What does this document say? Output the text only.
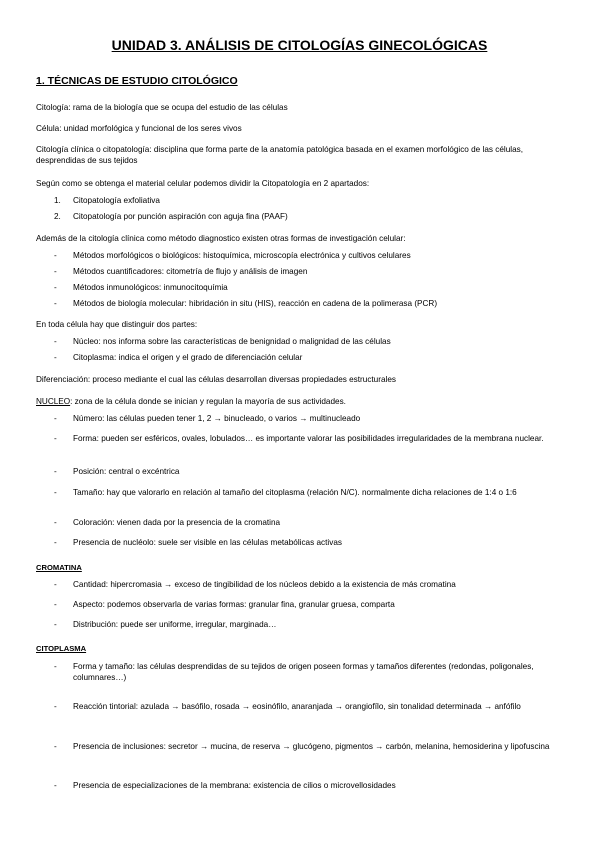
UNIDAD 3. ANÁLISIS DE CITOLOGÍAS GINECOLÓGICAS
1. TÉCNICAS DE ESTUDIO CITOLÓGICO
Citología: rama de la biología que se ocupa del estudio de las células
Célula: unidad morfológica y funcional de los seres vivos
Citología clínica o citopatología: disciplina que forma parte de la anatomía patológica basada en el examen morfológico de las células, desprendidas de sus tejidos
Según como se obtenga el material celular podemos dividir la Citopatología en 2 apartados:
1.	Citopatología exfoliativa
2.	Citopatología por punción aspiración con aguja fina (PAAF)
Además de la citología clínica como método diagnostico existen otras formas de investigación celular:
-	Métodos morfológicos o biológicos: histoquímica, microscopía electrónica y cultivos celulares
-	Métodos cuantificadores: citometría de flujo y análisis de imagen
-	Métodos inmunológicos: inmunocitoquímia
-	Métodos de biología molecular: hibridación in situ (HIS), reacción en cadena de la polimerasa (PCR)
En toda célula hay que distinguir dos partes:
-	Núcleo: nos informa sobre las características de benignidad o malignidad de las células
-	Citoplasma: indica el origen y el grado de diferenciación celular
Diferenciación: proceso mediante el cual las células desarrollan diversas propiedades estructurales
NUCLEO: zona de la célula donde se inician y regulan la mayoría de sus actividades.
-	Número: las células pueden tener 1, 2 → binucleado, o varios → multinucleado
-	Forma: pueden ser esféricos, ovales, lobulados… es importante valorar las posibilidades irregularidades de la membrana nuclear.
-	Posición: central o excéntrica
-	Tamaño: hay que valorarlo en relación al tamaño del citoplasma (relación N/C). normalmente dicha relaciones de 1:4 o 1:6
-	Coloración: vienen dada por la presencia de la cromatina
-	Presencia de nucléolo: suele ser visible en las células metabólicas activas
CROMATINA
-	Cantidad: hipercromasia → exceso de tingibilidad de los núcleos debido a la existencia de más cromatina
-	Aspecto: podemos observarla de varias formas: granular fina, granular gruesa, comparta
-	Distribución: puede ser uniforme, irregular, marginada…
CITOPLASMA
-	Forma y tamaño: las células desprendidas de su tejidos de origen poseen formas y tamaños diferentes (redondas, poligonales, columnares…)
-	Reacción tintorial: azulada → basófilo, rosada → eosinófilo, anaranjada → orangiofílo, sin tonalidad determinada → anfófilo
-	Presencia de inclusiones: secretor → mucina, de reserva → glucógeno, pigmentos → carbón, melanina, hemosiderina y lipofuscina
-	Presencia de especializaciones de la membrana: existencia de cilios o microvellosidades
